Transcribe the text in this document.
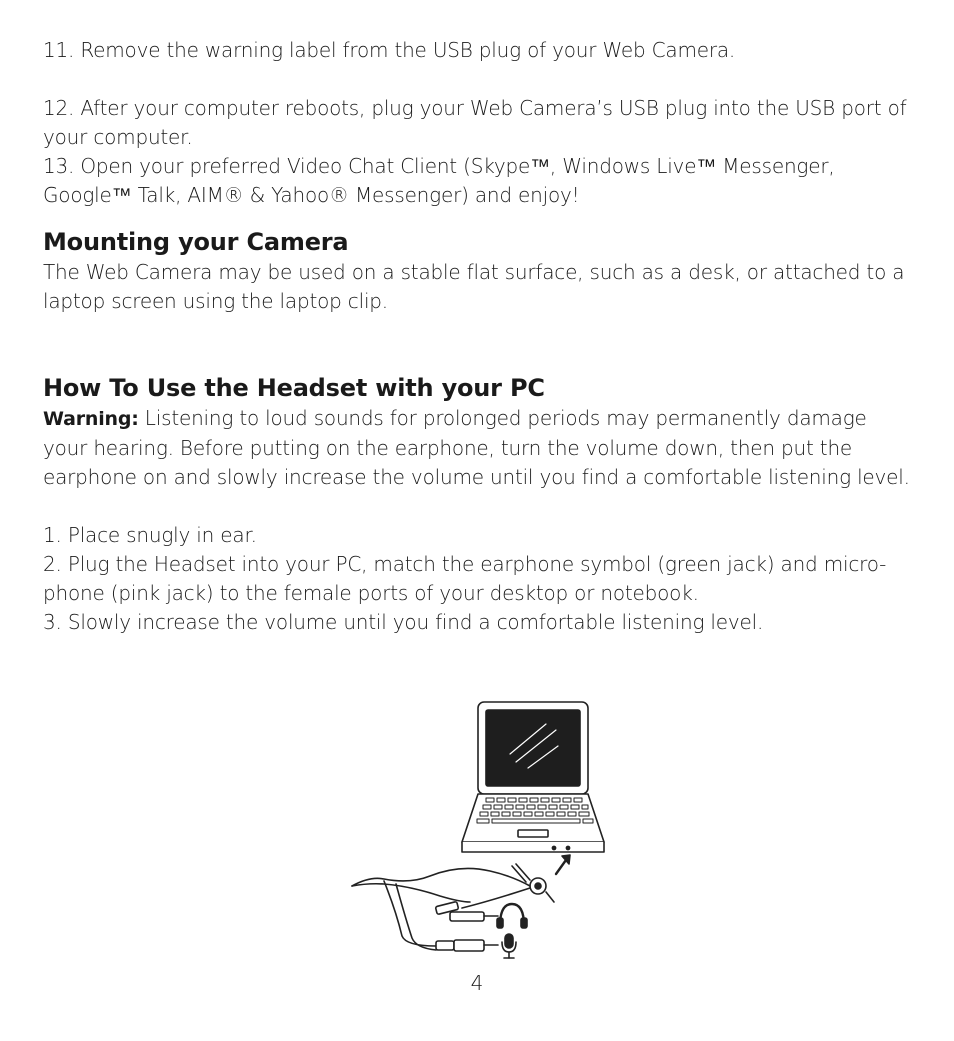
11. Remove the warning label from the USB plug of your Web Camera.

12. After your computer reboots, plug your Web Camera’s USB plug into the USB port of your computer.

13. Open your preferred Video Chat Client (Skype™, Windows Live™ Messenger, Google™ Talk, AIM® & Yahoo® Messenger) and enjoy!

Mounting your Camera

The Web Camera may be used on a stable flat surface, such as a desk, or attached to a laptop screen using the laptop clip.

How To Use the Headset with your PC

Warning: Listening to loud sounds for prolonged periods may permanently damage your hearing. Before putting on the earphone, turn the volume down, then put the earphone on and slowly increase the volume until you find a comfortable listening level.

1. Place snugly in ear.

2. Plug the Headset into your PC, match the earphone symbol (green jack) and micro-phone (pink jack) to the female ports of your desktop or notebook.

3. Slowly increase the volume until you find a comfortable listening level.

4
